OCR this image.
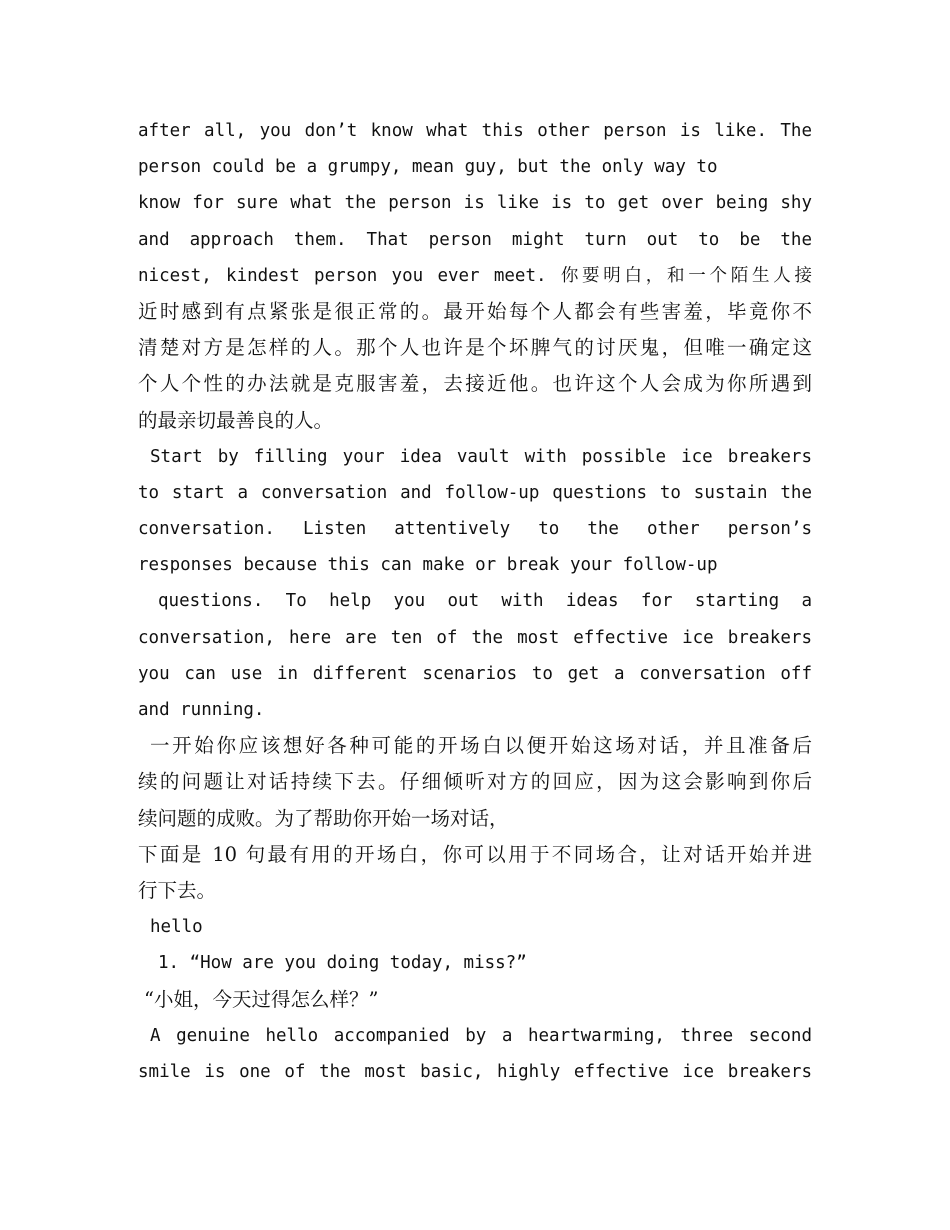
after all, you don’t know what this other person is like. The
person could be a grumpy, mean guy, but the only way to
know for sure what the person is like is to get over being shy
and approach them. That person might turn out to be the
nicest, kindest person you ever meet. 你要明白，和一个陌生人接
近时感到有点紧张是很正常的。最开始每个人都会有些害羞，毕竟你不
清楚对方是怎样的人。那个人也许是个坏脾气的讨厌鬼，但唯一确定这
个人个性的办法就是克服害羞，去接近他。也许这个人会成为你所遇到
的最亲切最善良的人。
Start by filling your idea vault with possible ice breakers
to start a conversation and follow-up questions to sustain the
conversation. Listen attentively to the other person’s
responses because this can make or break your follow-up
questions. To help you out with ideas for starting a
conversation, here are ten of the most effective ice breakers
you can use in different scenarios to get a conversation off
and running.
一开始你应该想好各种可能的开场白以便开始这场对话，并且准备后
续的问题让对话持续下去。仔细倾听对方的回应，因为这会影响到你后
续问题的成败。为了帮助你开始一场对话，
下面是 10 句最有用的开场白，你可以用于不同场合，让对话开始并进
行下去。
hello
1. “How are you doing today, miss?”
“小姐，今天过得怎么样？”
A genuine hello accompanied by a heartwarming, three second
smile is one of the most basic, highly effective ice breakers
